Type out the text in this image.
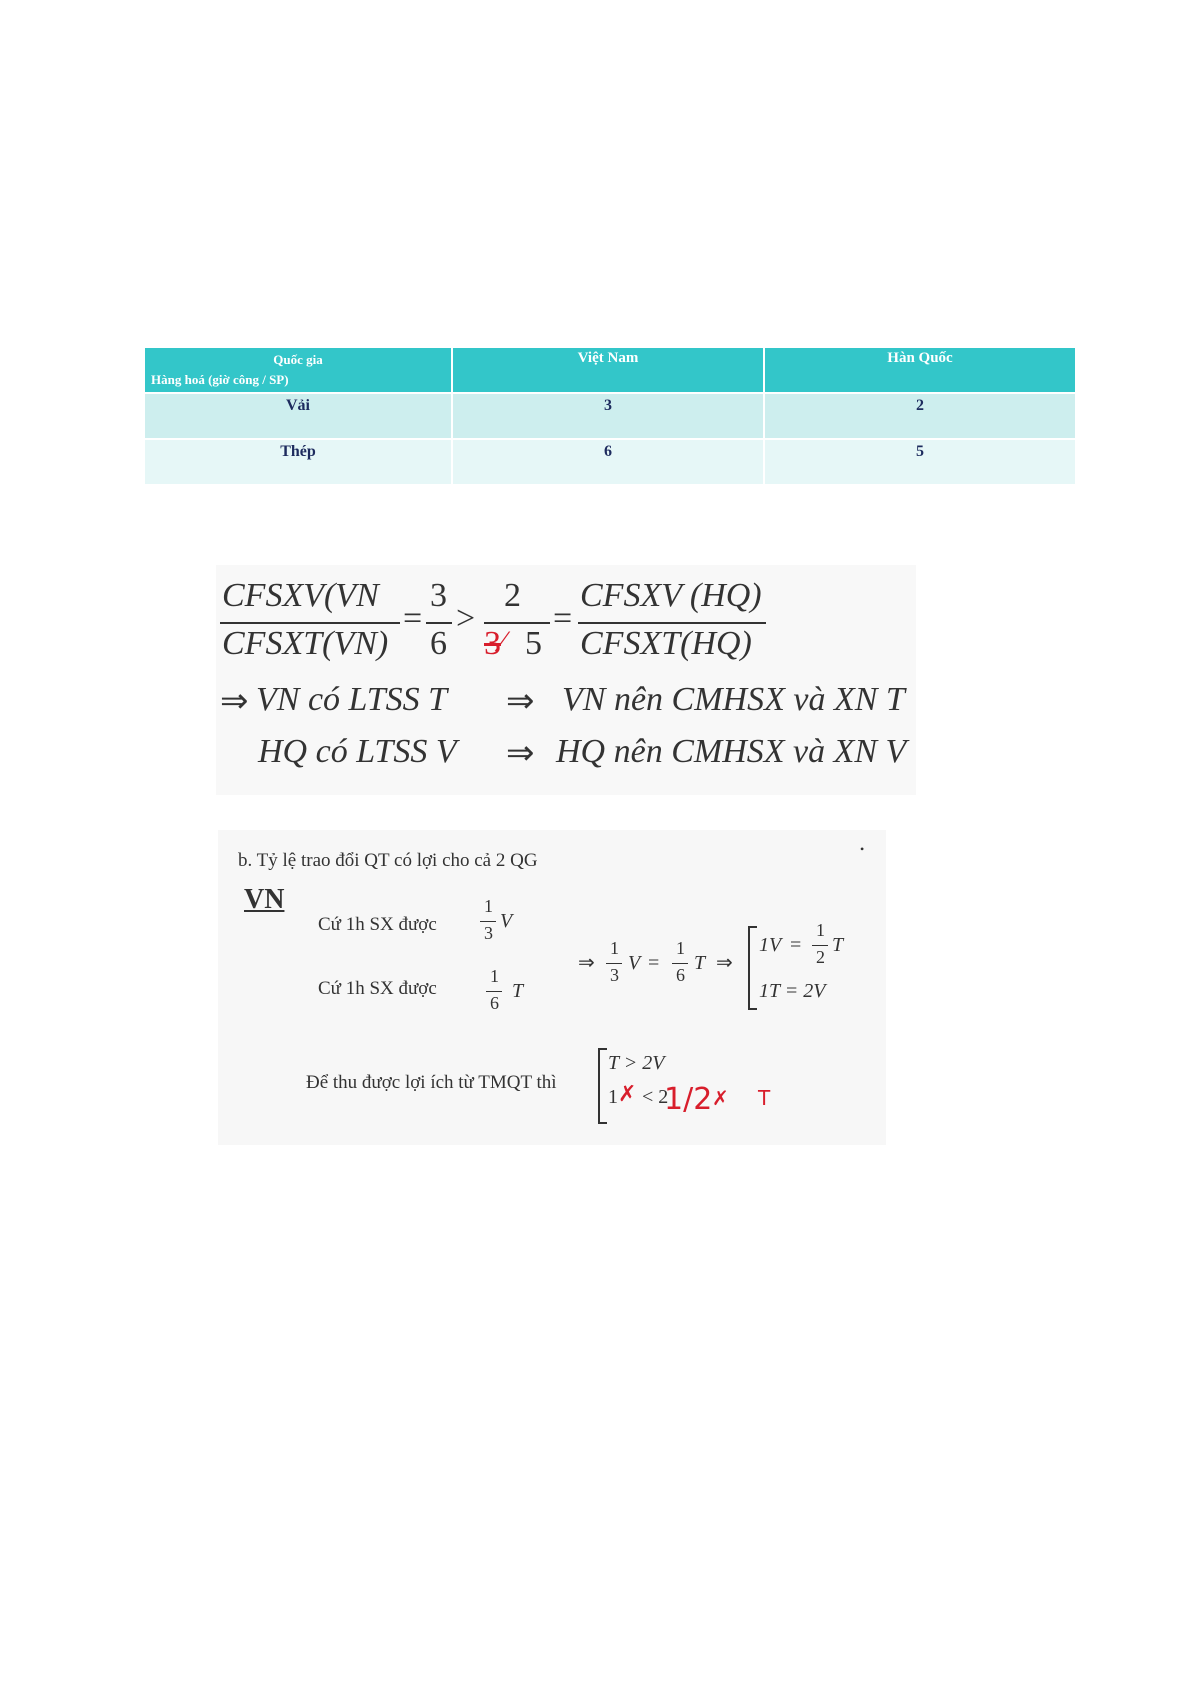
Quốc gia
Hàng hoá (giờ công / SP)	Việt Nam	Hàn Quốc

Vải	3	2

Thép	6	5
CFSXV(VN
CFSXT(VN)
=
3
6
>
2
3 ⁄ 5
=
CFSXV (HQ)
CFSXT(HQ)
⇒ VN có LTSS T ⇒ VN nên CMHSX và XN T
HQ có LTSS V ⇒ HQ nên CMHSX và XN V
b. Tỷ lệ trao đổi QT có lợi cho cả 2 QG
•
VN
Cứ 1h SX được
1
3
V
Cứ 1h SX được
1
6
T
⇒
1
3
V =
1
6
T ⇒
1V =
1
2
T
1T = 2V
Để thu được lợi ích từ TMQT thì
T > 2V
1 ✗ < 2
1/2 ✗ T
